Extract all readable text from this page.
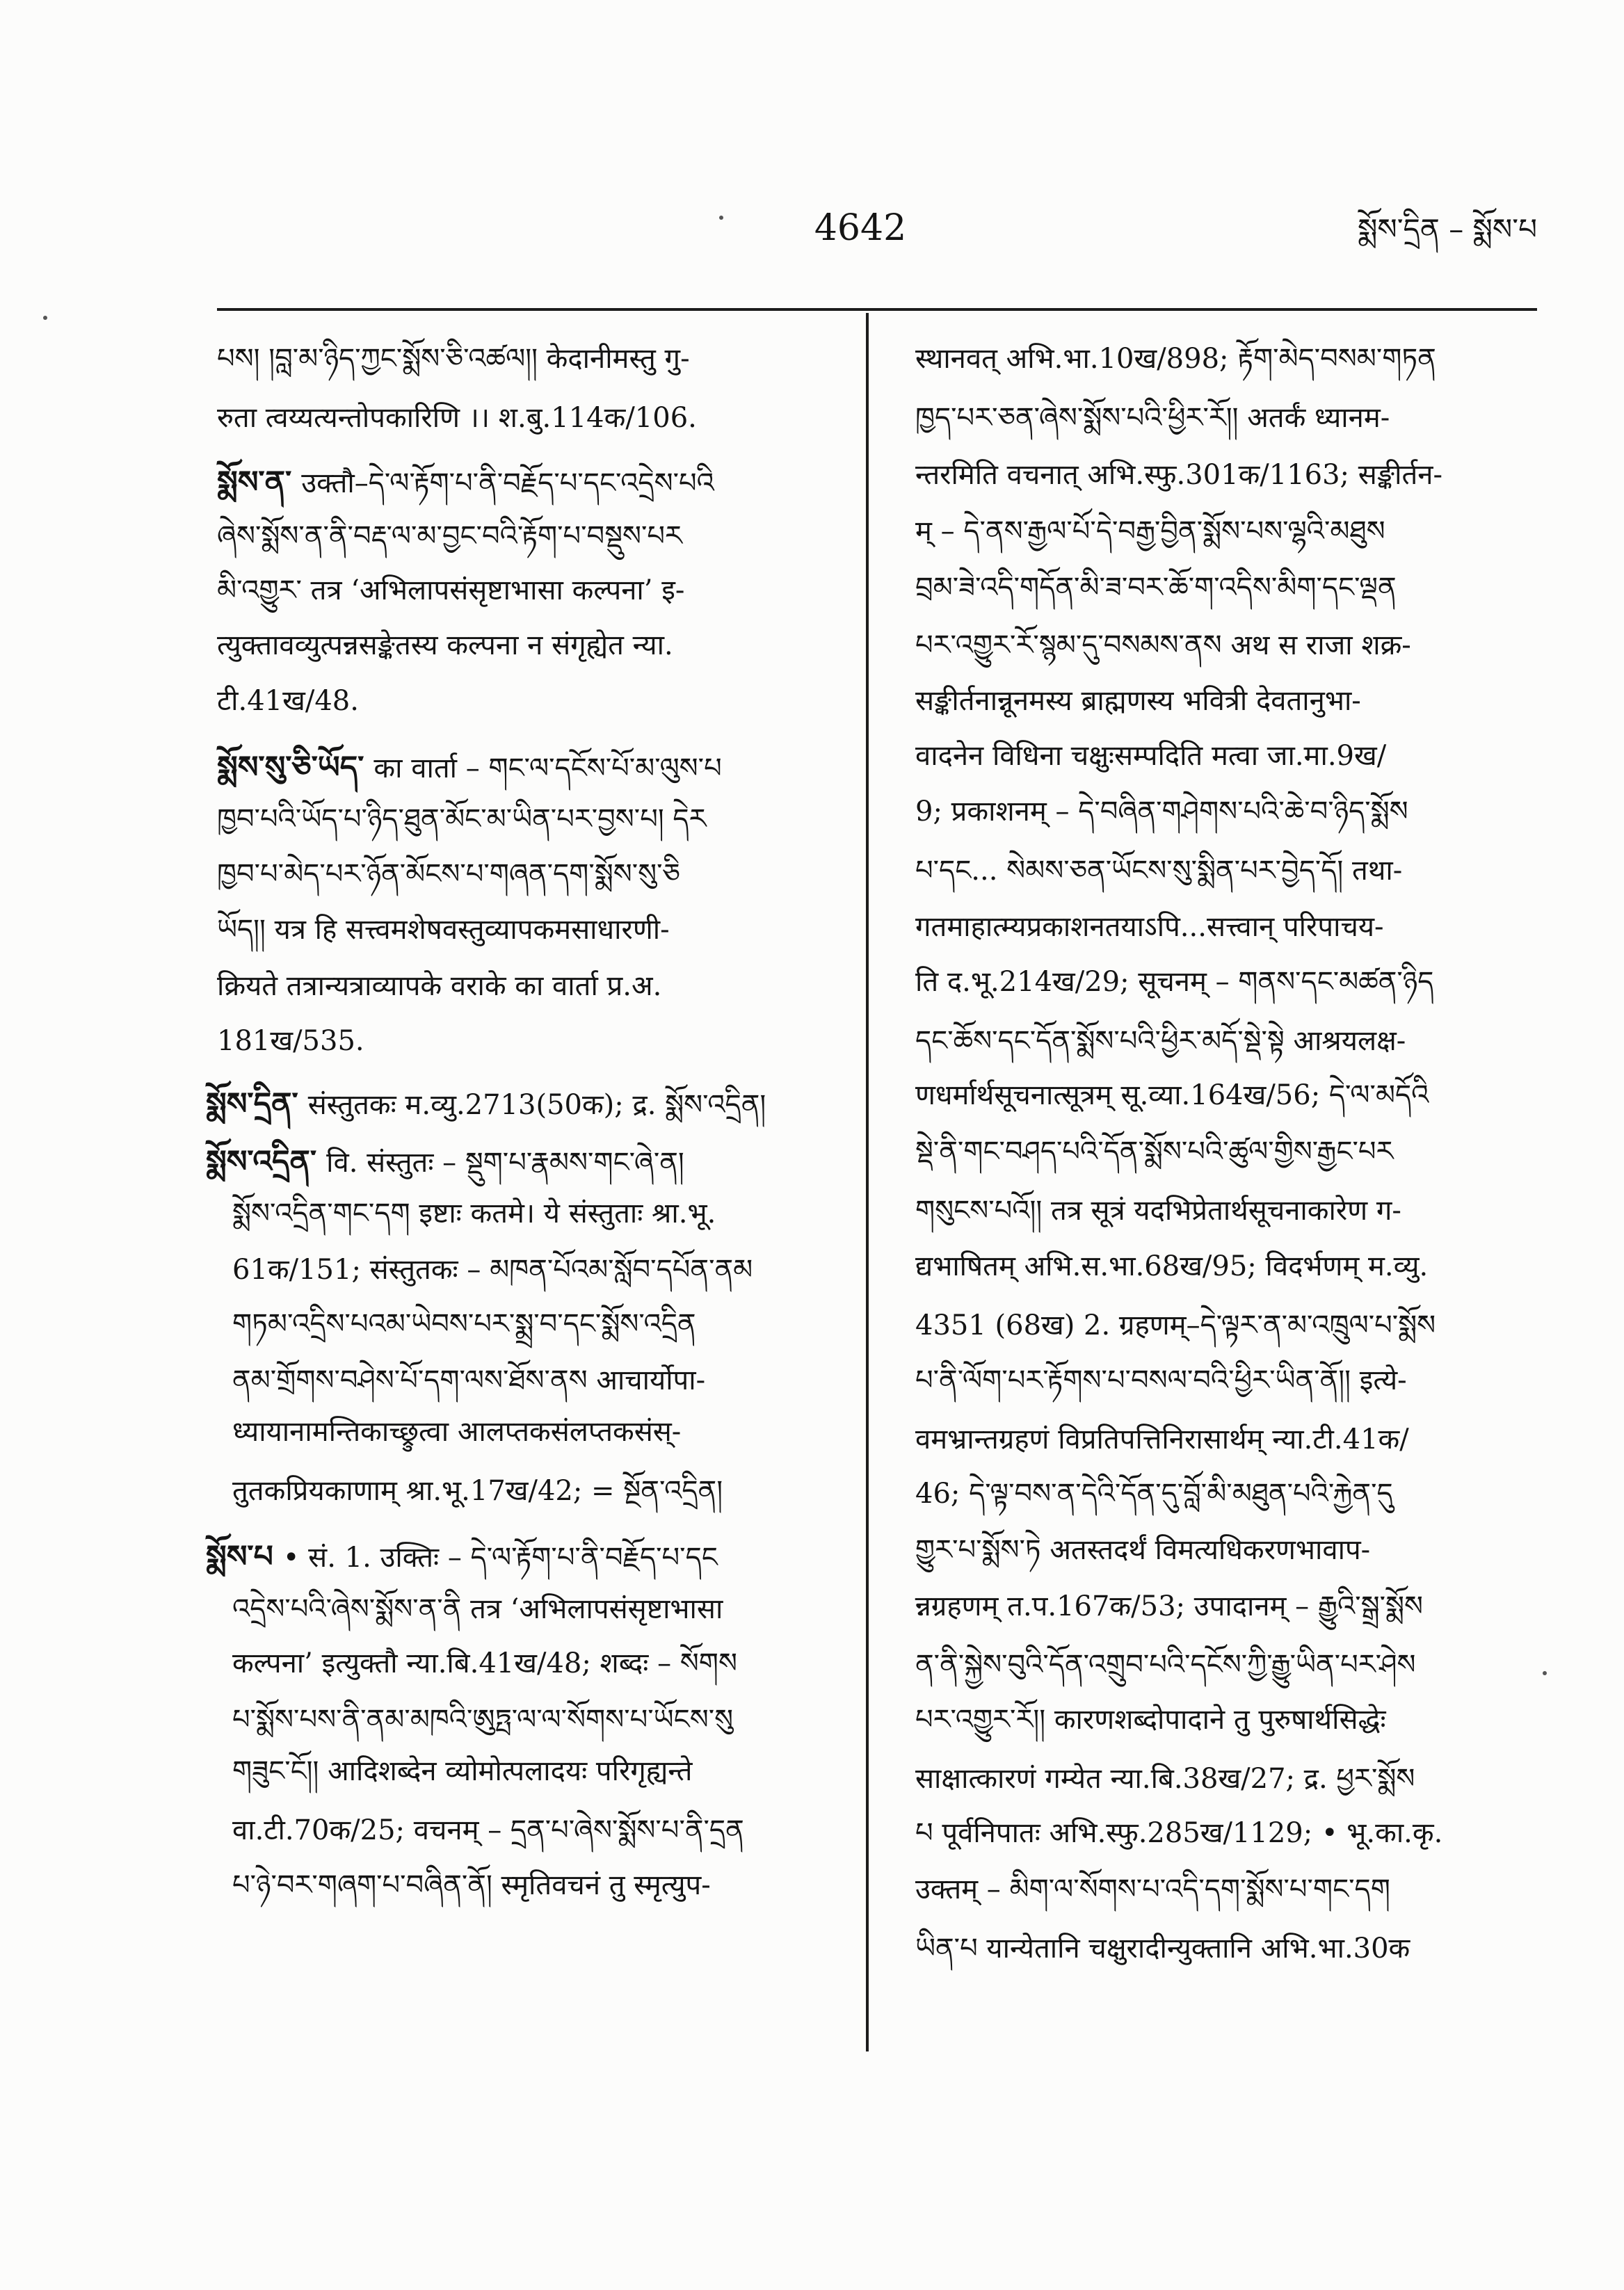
4642	སྨོས་དྲིན – སྨོས་པ
པས། །བླ་མ་ཉིད་ཀྱང་སྨོས་ཅི་འཚལ།། केदानीमस्तु गु-
रुता त्वय्यत्यन्तोपकारिणि ।। श.बु.114क/106.
སྨོས་ན་ उक्तौ–དེ་ལ་རྟོག་པ་ནི་བརྗོད་པ་དང་འདྲེས་པའི
ཞེས་སྨོས་ན་ནི་བརྡ་ལ་མ་བྱང་བའི་རྟོག་པ་བསྡུས་པར
མི་འགྱུར་ तत्र ‘अभिलापसंसृष्टाभासा कल्पना’ इ-
त्युक्तावव्युत्पन्नसङ्केतस्य कल्पना न संगृह्येत न्या.
टी.41ख/48.
སྨོས་སུ་ཅི་ཡོད་ का वार्ता – གང་ལ་དངོས་པོ་མ་ལུས་པ
ཁྱབ་པའི་ཡོད་པ་ཉིད་ཐུན་མོང་མ་ཡིན་པར་བྱས་པ། དེར
ཁྱབ་པ་མེད་པར་ཉོན་མོངས་པ་གཞན་དག་སྨོས་སུ་ཅི
ཡོད།། यत्र हि सत्त्वमशेषवस्तुव्यापकमसाधारणी-
क्रियते तत्रान्यत्राव्यापके वराके का वार्ता प्र.अ.
181ख/535.
སྨོས་དྲིན་ संस्तुतकः म.व्यु.2713(50क); द्र. སྨོས་འདྲིན།
སྨོས་འདྲིན་ वि. संस्तुतः – སྡུག་པ་རྣམས་གང་ཞེ་ན།
སྨོས་འདྲིན་གང་དག इष्टाः कतमे। ये संस्तुताः श्रा.भू.
61क/151; संस्तुतकः – མཁན་པོའམ་སློབ་དཔོན་ནམ
གཏམ་འདྲིས་པའམ་ཡེབས་པར་སྨྲ་བ་དང་སྨོས་འདྲིན
ནམ་གྲོགས་བཤེས་པོ་དག་ལས་ཐོས་ནས आचार्योपा-
ध्यायानामन्तिकाच्छ्रुत्वा आलप्तकसंलप्तकसंस्-
तुतकप्रियकाणाम् श्रा.भू.17ख/42; = སྔོན་འདྲིན།
སྨོས་པ • सं. 1. उक्तिः – དེ་ལ་རྟོག་པ་ནི་བརྗོད་པ་དང
འདྲེས་པའི་ཞེས་སྨོས་ན་ནི तत्र ‘अभिलापसंसृष्टाभासा
कल्पना’ इत्युक्तौ न्या.बि.41ख/48; शब्दः – སོགས
པ་སྨོས་པས་ནི་ནམ་མཁའི་ཨུཏྤ་ལ་ལ་སོགས་པ་ཡོངས་སུ
གཟུང་ངོ།། आदिशब्देन व्योमोत्पलादयः परिगृह्यन्ते
वा.टी.70क/25; वचनम् – དྲན་པ་ཞེས་སྨོས་པ་ནི་དྲན
པ་ཉེ་བར་གཞག་པ་བཞིན་ནོ། स्मृतिवचनं तु स्मृत्युप-
स्थानवत् अभि.भा.10ख/898; རྟོག་མེད་བསམ་གཏན
ཁྱད་པར་ཅན་ཞེས་སྨོས་པའི་ཕྱིར་རོ།། अतर्कं ध्यानम-
न्तरमिति वचनात् अभि.स्फु.301क/1163; सङ्कीर्तन-
म् – དེ་ནས་རྒྱལ་པོ་དེ་བརྒྱ་བྱིན་སྨོས་པས་ལྷའི་མཐུས
བྲམ་ཟེ་འདི་གདོན་མི་ཟ་བར་ཆོ་ག་འདིས་མིག་དང་ལྡན
པར་འགྱུར་རོ་སྙམ་དུ་བསམས་ནས अथ स राजा शक्र-
सङ्कीर्तनान्नूनमस्य ब्राह्मणस्य भवित्री देवतानुभा-
वादनेन विधिना चक्षुःसम्पदिति मत्वा जा.मा.9ख/
9; प्रकाशनम् – དེ་བཞིན་གཤེགས་པའི་ཆེ་བ་ཉིད་སྨོས
པ་དང... སེམས་ཅན་ཡོངས་སུ་སྨིན་པར་བྱེད་དོ། तथा-
गतमाहात्म्यप्रकाशनतयाऽपि...सत्त्वान् परिपाचय-
ति द.भू.214ख/29; सूचनम् – གནས་དང་མཚན་ཉིད
དང་ཆོས་དང་དོན་སྨོས་པའི་ཕྱིར་མདོ་སྡེ་སྟེ आश्रयलक्ष-
णधर्मार्थसूचनात्सूत्रम् सू.व्या.164ख/56; དེ་ལ་མདོའི
སྡེ་ནི་གང་བཤད་པའི་དོན་སྨོས་པའི་ཚུལ་གྱིས་རྒྱང་པར
གསུངས་པའོ།། तत्र सूत्रं यदभिप्रेतार्थसूचनाकारेण ग-
द्यभाषितम् अभि.स.भा.68ख/95; विदर्भणम् म.व्यु.
4351 (68ख) 2. ग्रहणम्–དེ་ལྟར་ན་མ་འཁྲུལ་པ་སྨོས
པ་ནི་ལོག་པར་རྟོགས་པ་བསལ་བའི་ཕྱིར་ཡིན་ནོ།། इत्ये-
वमभ्रान्तग्रहणं विप्रतिपत्तिनिरासार्थम् न्या.टी.41क/
46; དེ་ལྟ་བས་ན་དེའི་དོན་དུ་བློ་མི་མཐུན་པའི་རྐྱེན་དུ
གྱུར་པ་སྨོས་ཏེ अतस्तदर्थं विमत्यधिकरणभावाप-
न्नग्रहणम् त.प.167क/53; उपादानम् – རྒྱུའི་སྒྲ་སྨོས
ན་ནི་སྐྱེས་བུའི་དོན་འགྲུབ་པའི་དངོས་ཀྱི་རྒྱུ་ཡིན་པར་ཤེས
པར་འགྱུར་རོ།། कारणशब्दोपादाने तु पुरुषार्थसिद्धेः
साक्षात्कारणं गम्येत न्या.बि.38ख/27; द्र. ཕྱར་སྨོས
པ पूर्वनिपातः अभि.स्फु.285ख/1129; • भू.का.कृ.
उक्तम् – མིག་ལ་སོགས་པ་འདི་དག་སྨོས་པ་གང་དག
ཡིན་པ यान्येतानि चक्षुरादीन्युक्तानि अभि.भा.30क
